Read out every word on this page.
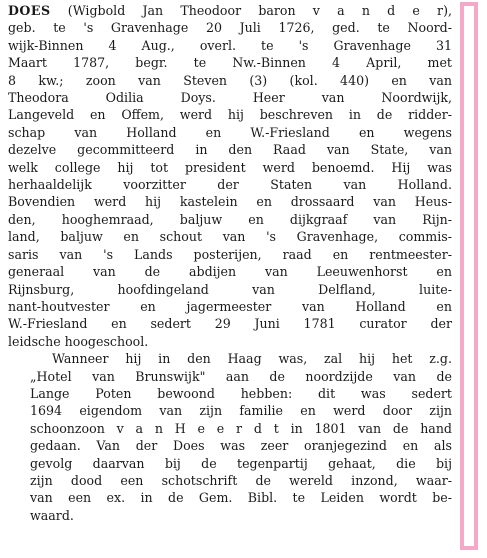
DOES (Wigbold Jan Theodoor baron v a n d e r),
geb. te 's Gravenhage 20 Juli 1726, ged. te Noord-
wijk-Binnen 4 Aug., overl. te 's Gravenhage 31
Maart 1787, begr. te Nw.-Binnen 4 April, met
8 kw.; zoon van Steven (3) (kol. 440) en van
Theodora Odilia Doys. Heer van Noordwijk,
Langeveld en Offem, werd hij beschreven in de ridder-
schap van Holland en W.-Friesland en wegens
dezelve gecommitteerd in den Raad van State, van
welk college hij tot president werd benoemd. Hij was
herhaaldelijk voorzitter der Staten van Holland.
Bovendien werd hij kastelein en drossaard van Heus-
den, hooghemraad, baljuw en dijkgraaf van Rijn-
land, baljuw en schout van 's Gravenhage, commis-
saris van 's Lands posterijen, raad en rentmeester-
generaal van de abdijen van Leeuwenhorst en
Rijnsburg, hoofdingeland van Delfland, luite-
nant-houtvester en jagermeester van Holland en
W.-Friesland en sedert 29 Juni 1781 curator der
leidsche hoogeschool.
Wanneer hij in den Haag was, zal hij het z.g.
„Hotel van Brunswijk" aan de noordzijde van de
Lange Poten bewoond hebben: dit was sedert
1694 eigendom van zijn familie en werd door zijn
schoonzoon v a n H e e r d t in 1801 van de hand
gedaan. Van der Does was zeer oranjegezind en als
gevolg daarvan bij de tegenpartij gehaat, die bij
zijn dood een schotschrift de wereld inzond, waar-
van een ex. in de Gem. Bibl. te Leiden wordt be-
waard.
